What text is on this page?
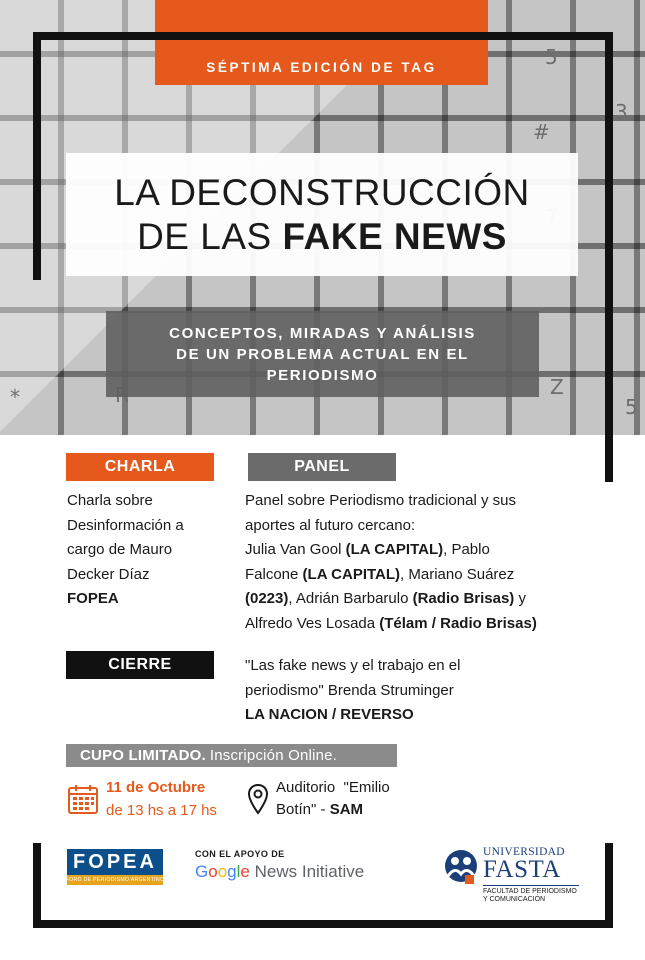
5
#
Z
*	5
3
SÉPTIMA EDICIÓN DE TAG
LA DECONSTRUCCIÓN
DE LAS FAKE NEWS
CONCEPTOS, MIRADAS Y ANÁLISIS
DE UN PROBLEMA ACTUAL EN EL
PERIODISMO
CHARLA
Charla sobre
Desinformación a
cargo de Mauro
Decker Díaz
FOPEA
PANEL
Panel sobre Periodismo tradicional y sus
aportes al futuro cercano:
Julia Van Gool (LA CAPITAL), Pablo
Falcone (LA CAPITAL), Mariano Suárez
(0223), Adrián Barbarulo (Radio Brisas) y
Alfredo Ves Losada (Télam / Radio Brisas)
CIERRE	"Las fake news y el trabajo en el
periodismo" Brenda Struminger
LA NACION / REVERSO
CUPO LIMITADO. Inscripción Online.
11 de Octubre
de 13 hs a 17 hs
Auditorio  "Emilio
Botín" - SAM
FOPEA
FORO DE PERIODISMO ARGENTINO
CON EL APOYO DE
Google News Initiative
UNIVERSIDAD
FASTA
FACULTAD DE PERIODISMO
Y COMUNICACIÓN
